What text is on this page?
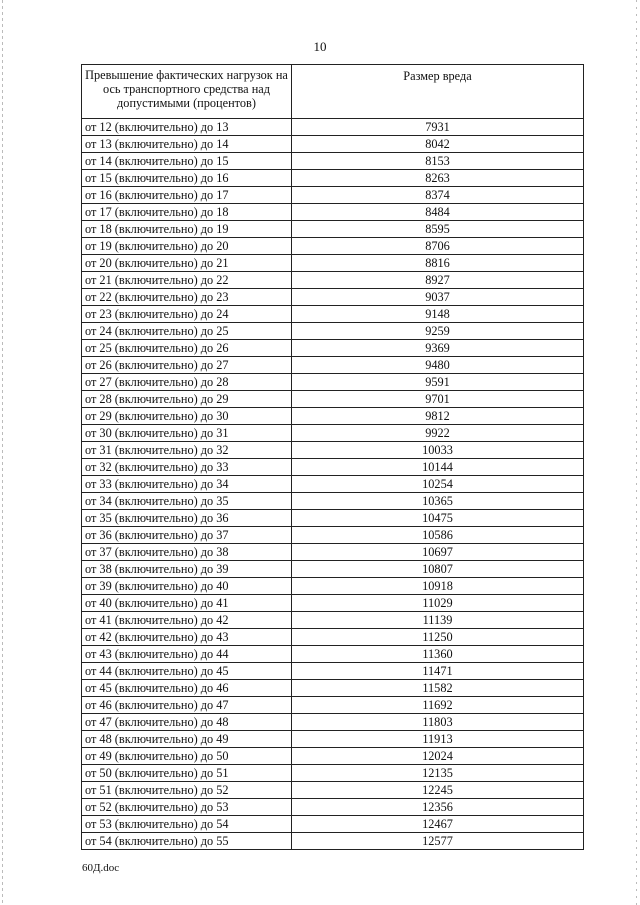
10
Превышение фактических нагрузок на ось транспортного средства над допустимыми (процентов)	Размер вреда
от 12 (включительно) до 13	7931
от 13 (включительно) до 14	8042
от 14 (включительно) до 15	8153
от 15 (включительно) до 16	8263
от 16 (включительно) до 17	8374
от 17 (включительно) до 18	8484
от 18 (включительно) до 19	8595
от 19 (включительно) до 20	8706
от 20 (включительно) до 21	8816
от 21 (включительно) до 22	8927
от 22 (включительно) до 23	9037
от 23 (включительно) до 24	9148
от 24 (включительно) до 25	9259
от 25 (включительно) до 26	9369
от 26 (включительно) до 27	9480
от 27 (включительно) до 28	9591
от 28 (включительно) до 29	9701
от 29 (включительно) до 30	9812
от 30 (включительно) до 31	9922
от 31 (включительно) до 32	10033
от 32 (включительно) до 33	10144
от 33 (включительно) до 34	10254
от 34 (включительно) до 35	10365
от 35 (включительно) до 36	10475
от 36 (включительно) до 37	10586
от 37 (включительно) до 38	10697
от 38 (включительно) до 39	10807
от 39 (включительно) до 40	10918
от 40 (включительно) до 41	11029
от 41 (включительно) до 42	11139
от 42 (включительно) до 43	11250
от 43 (включительно) до 44	11360
от 44 (включительно) до 45	11471
от 45 (включительно) до 46	11582
от 46 (включительно) до 47	11692
от 47 (включительно) до 48	11803
от 48 (включительно) до 49	11913
от 49 (включительно) до 50	12024
от 50 (включительно) до 51	12135
от 51 (включительно) до 52	12245
от 52 (включительно) до 53	12356
от 53 (включительно) до 54	12467
от 54 (включительно) до 55	12577
60Д.doc
